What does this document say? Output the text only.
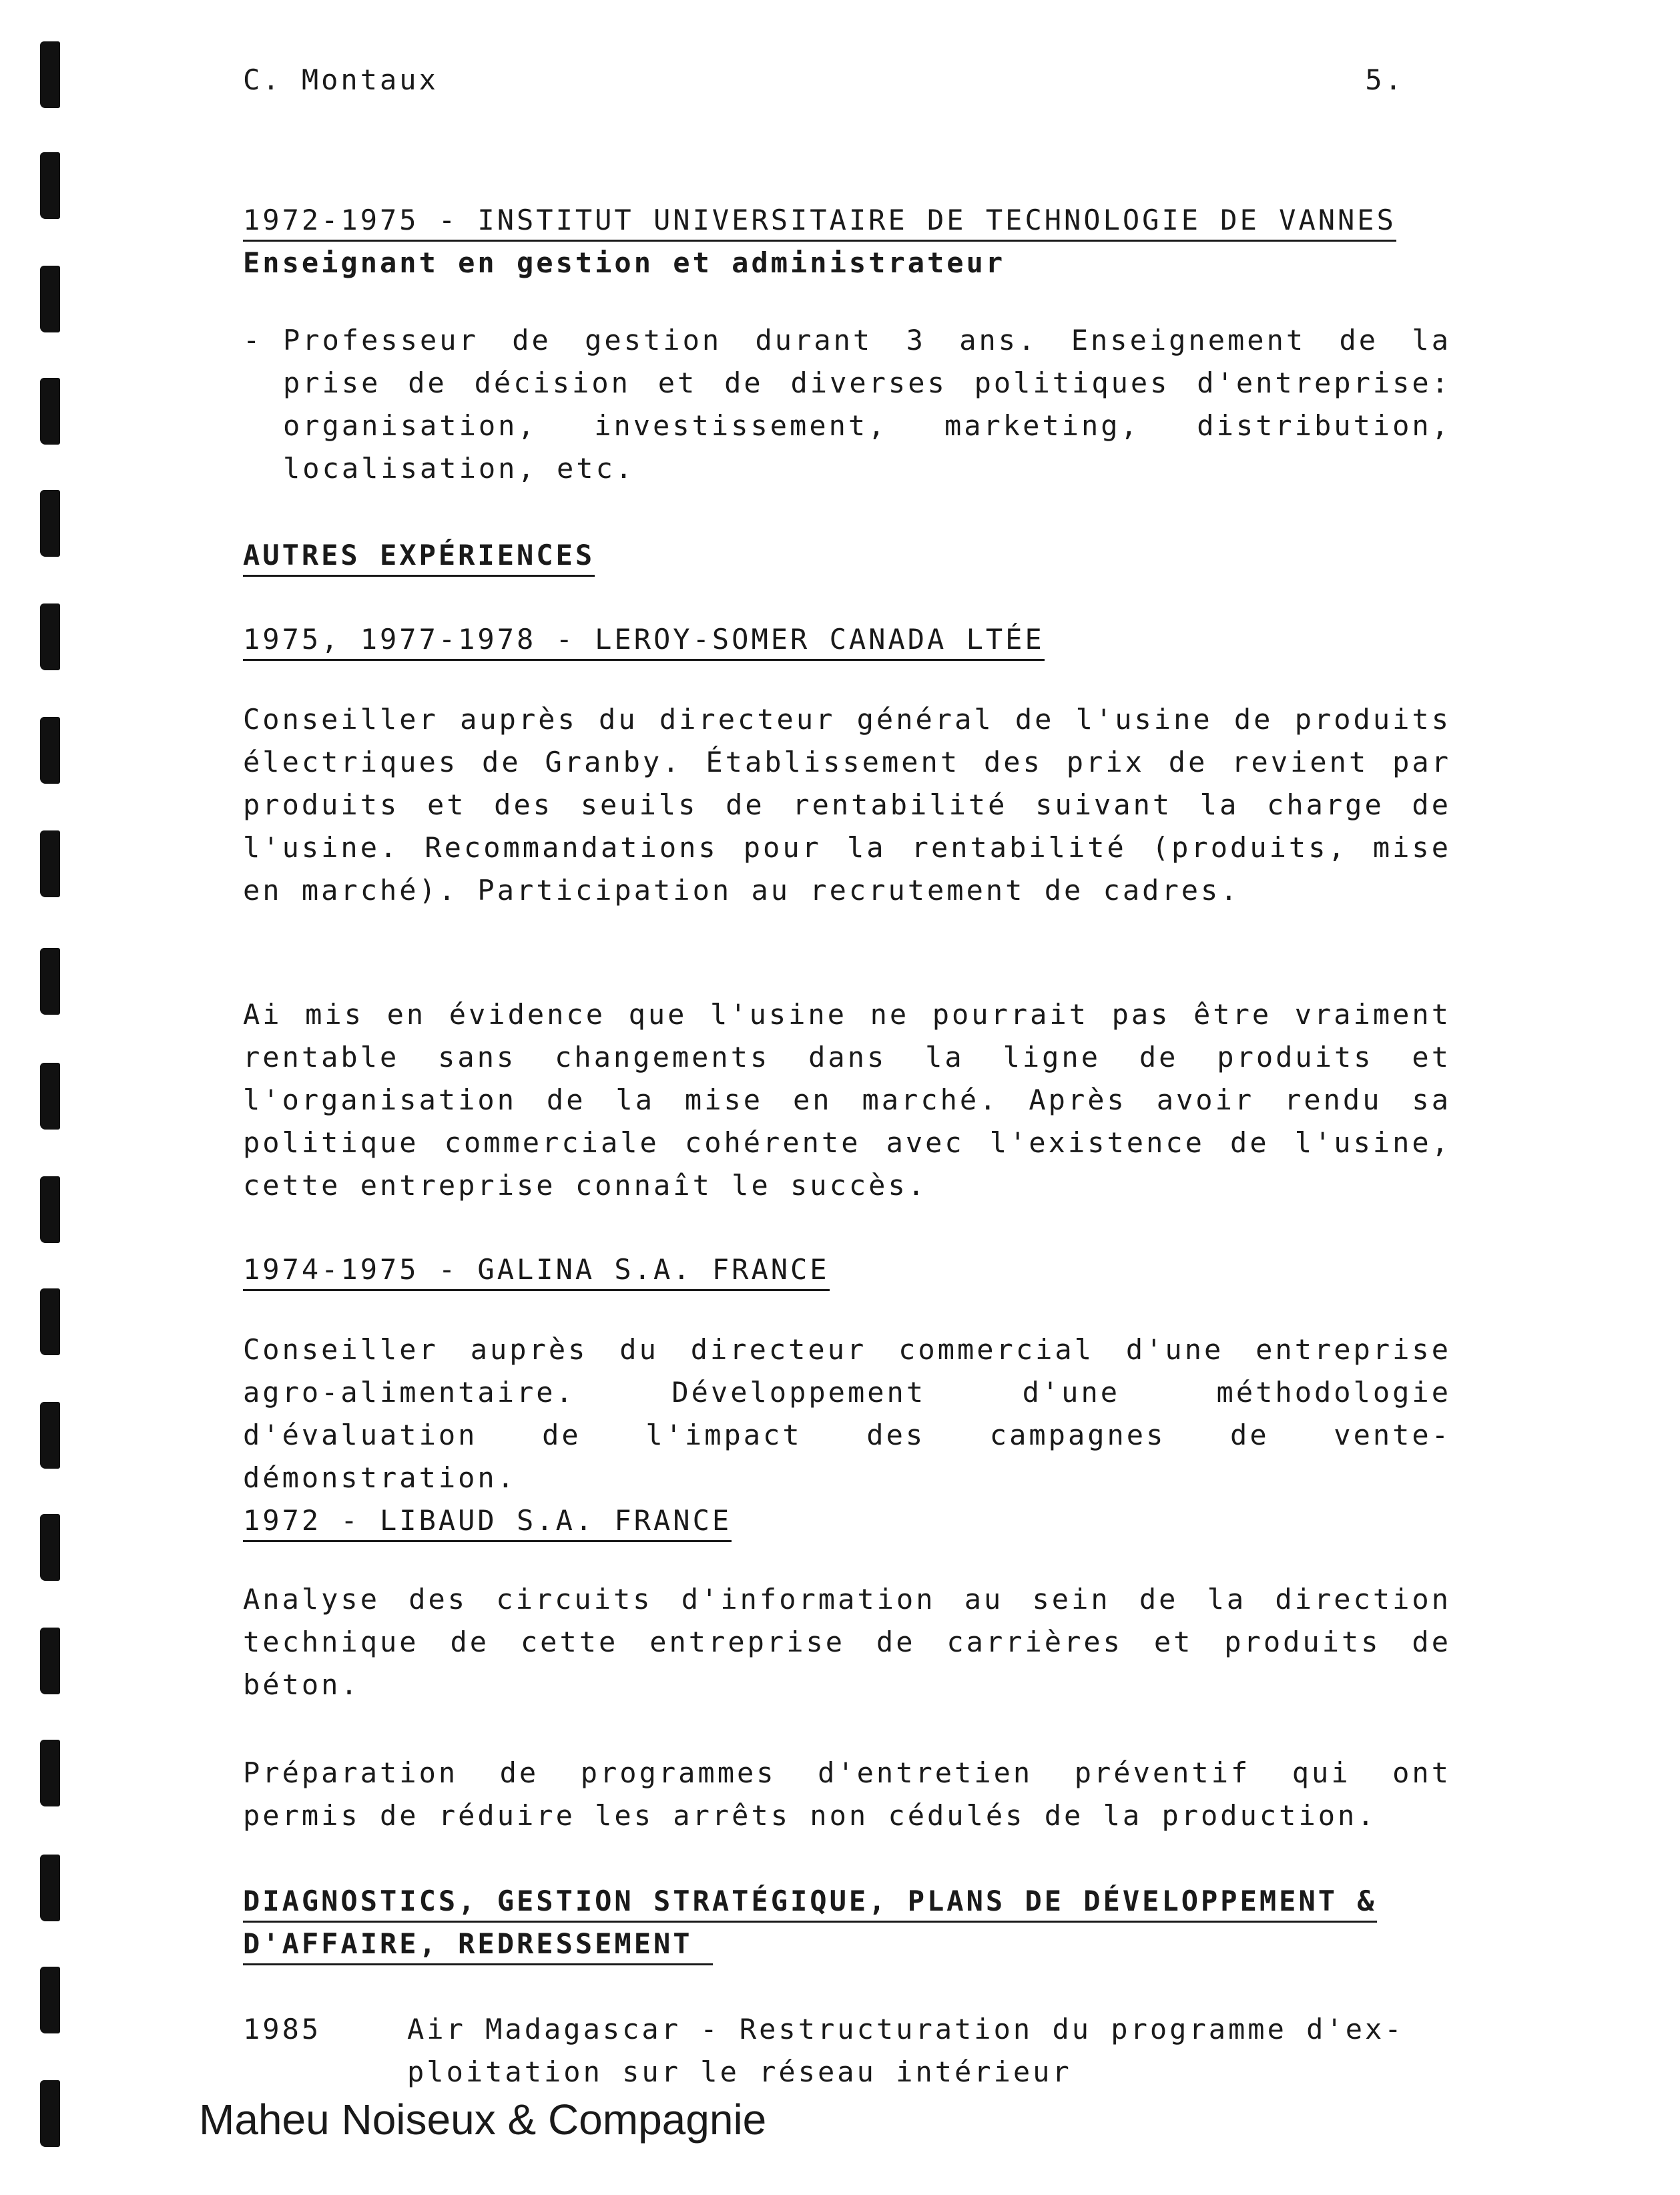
C. Montaux	5.
1972-1975 - INSTITUT UNIVERSITAIRE DE TECHNOLOGIE DE VANNES
Enseignant en gestion et administrateur
- Professeur de gestion durant 3 ans. Enseignement de la prise de décision et de diverses politiques d'entreprise: organisation, investissement, marketing, distribution, localisation, etc.

AUTRES EXPÉRIENCES
1975, 1977-1978 - LEROY-SOMER CANADA LTÉE

Conseiller auprès du directeur général de l'usine de produits électriques de Granby. Établissement des prix de revient par produits et des seuils de rentabilité suivant la charge de l'usine. Recommandations pour la rentabilité (produits, mise en marché). Participation au recrutement de cadres.

Ai mis en évidence que l'usine ne pourrait pas être vraiment rentable sans changements dans la ligne de produits et l'organisation de la mise en marché. Après avoir rendu sa politique commerciale cohérente avec l'existence de l'usine, cette entreprise connaît le succès.

1974-1975 - GALINA S.A. FRANCE

Conseiller auprès du directeur commercial d'une entreprise agro-alimentaire. Développement d'une méthodologie d'évaluation de l'impact des campagnes de vente-démonstration.

1972 - LIBAUD S.A. FRANCE

Analyse des circuits d'information au sein de la direction technique de cette entreprise de carrières et produits de béton.

Préparation de programmes d'entretien préventif qui ont permis de réduire les arrêts non cédulés de la production.

DIAGNOSTICS, GESTION STRATÉGIQUE, PLANS DE DÉVELOPPEMENT &
D'AFFAIRE, REDRESSEMENT
1985	Air Madagascar - Restructuration du programme d'ex-
ploitation sur le réseau intérieur
Maheu Noiseux & Compagnie
